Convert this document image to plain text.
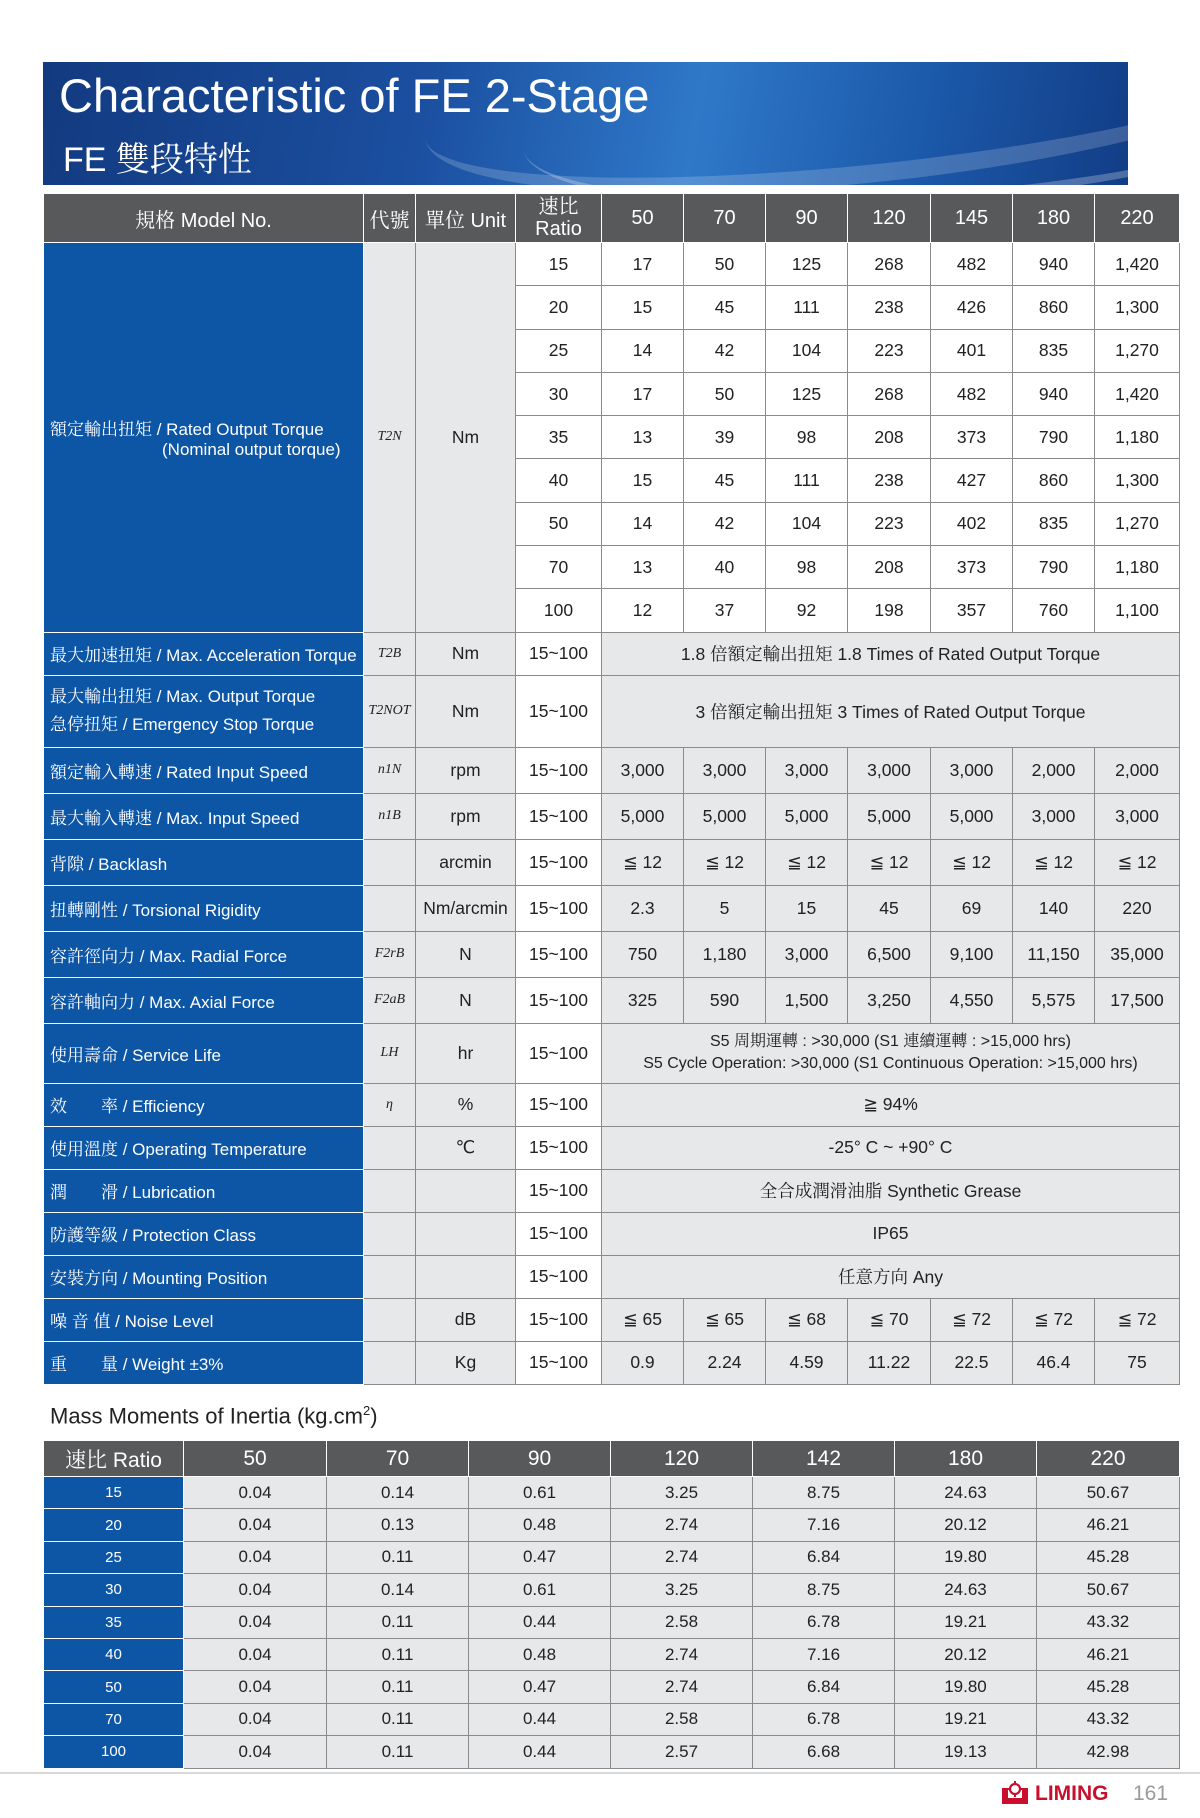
Characteristic of FE 2-Stage
FE 雙段特性
規格 Model No.	代號	單位 Unit	速比
Ratio	50	70	90	120	145	180	220

額定輸出扭矩 / Rated Output Torque
(Nominal output torque)	T2N	Nm	15	17	50	125	268	482	940	1,420
			20	15	45	111	238	426	860	1,300
			25	14	42	104	223	401	835	1,270
			30	17	50	125	268	482	940	1,420
			35	13	39	98	208	373	790	1,180
			40	15	45	111	238	427	860	1,300
			50	14	42	104	223	402	835	1,270
			70	13	40	98	208	373	790	1,180
			100	12	37	92	198	357	760	1,100
最大加速扭矩 / Max. Acceleration Torque	T2B	Nm	15~100	1.8 倍額定輸出扭矩 1.8 Times of Rated Output Torque						

最大輸出扭矩 / Max. Output Torque
急停扭矩 / Emergency Stop Torque	T2NOT	Nm	15~100	3 倍額定輸出扭矩 3 Times of Rated Output Torque						
額定輸入轉速 / Rated Input Speed	n1N	rpm	15~100	3,000	3,000	3,000	3,000	3,000	2,000	2,000
最大輸入轉速 / Max. Input Speed	n1B	rpm	15~100	5,000	5,000	5,000	5,000	5,000	3,000	3,000
背隙 / Backlash		arcmin	15~100	≦ 12	≦ 12	≦ 12	≦ 12	≦ 12	≦ 12	≦ 12
扭轉剛性 / Torsional Rigidity		Nm/arcmin	15~100	2.3	5	15	45	69	140	220
容許徑向力 / Max. Radial Force	F2rB	N	15~100	750	1,180	3,000	6,500	9,100	11,150	35,000
容許軸向力 / Max. Axial Force	F2aB	N	15~100	325	590	1,500	3,250	4,550	5,575	17,500
使用壽命 / Service Life	LH	hr	15~100	S5 周期運轉 : >30,000 (S1 連續運轉 : >15,000 hrs)
S5 Cycle Operation: >30,000 (S1 Continuous Operation: >15,000 hrs)						

效　　率 / Efficiency	η	%	15~100	≧ 94%						
使用溫度 / Operating Temperature		℃	15~100	-25° C ~ +90° C						
潤　　滑 / Lubrication			15~100	全合成潤滑油脂 Synthetic Grease						
防護等級 / Protection Class			15~100	IP65						
安裝方向 / Mounting Position			15~100	任意方向 Any						
噪 音 值 / Noise Level		dB	15~100	≦ 65	≦ 65	≦ 68	≦ 70	≦ 72	≦ 72	≦ 72
重　　量 / Weight ±3%		Kg	15~100	0.9	2.24	4.59	11.22	22.5	46.4	75
Mass Moments of Inertia $(kg.cm^2)$
速比 Ratio	50	70	90	120	142	180	220
15	0.04	0.14	0.61	3.25	8.75	24.63	50.67
20	0.04	0.13	0.48	2.74	7.16	20.12	46.21
25	0.04	0.11	0.47	2.74	6.84	19.80	45.28
30	0.04	0.14	0.61	3.25	8.75	24.63	50.67
35	0.04	0.11	0.44	2.58	6.78	19.21	43.32
40	0.04	0.11	0.48	2.74	7.16	20.12	46.21
50	0.04	0.11	0.47	2.74	6.84	19.80	45.28
70	0.04	0.11	0.44	2.58	6.78	19.21	43.32
100	0.04	0.11	0.44	2.57	6.68	19.13	42.98
LIMING 161
